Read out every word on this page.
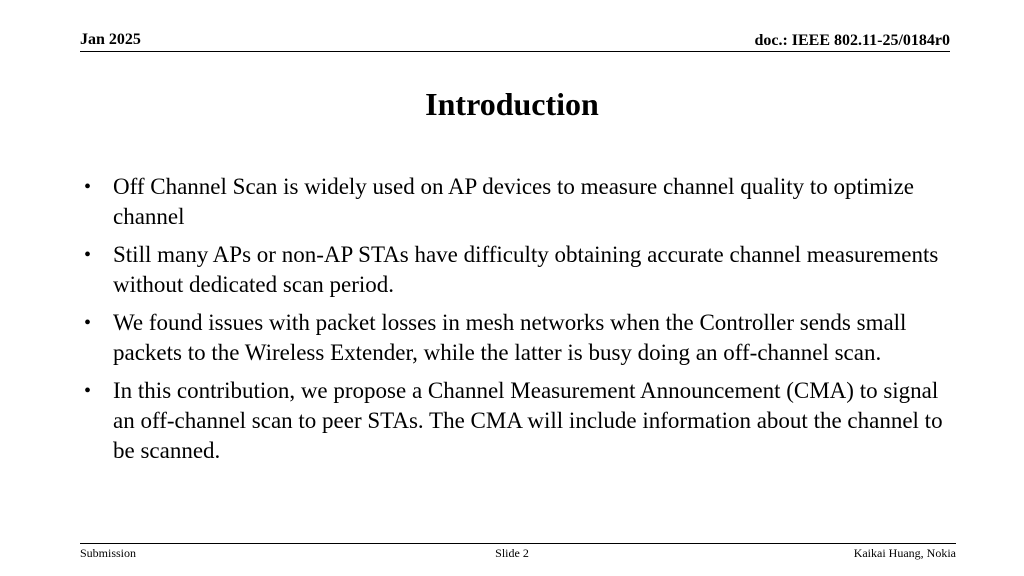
Jan 2025	doc.: IEEE 802.11-25/0184r0
Introduction
• Off Channel Scan is widely used on AP devices to measure channel quality to optimize channel
• Still many APs or non-AP STAs have difficulty obtaining accurate channel measurements without dedicated scan period.
• We found issues with packet losses in mesh networks when the Controller sends small packets to the Wireless Extender, while the latter is busy doing an off-channel scan.
• In this contribution, we propose a Channel Measurement Announcement (CMA) to signal an off-channel scan to peer STAs. The CMA will include information about the channel to be scanned.
Submission	Slide 2	Kaikai Huang, Nokia
